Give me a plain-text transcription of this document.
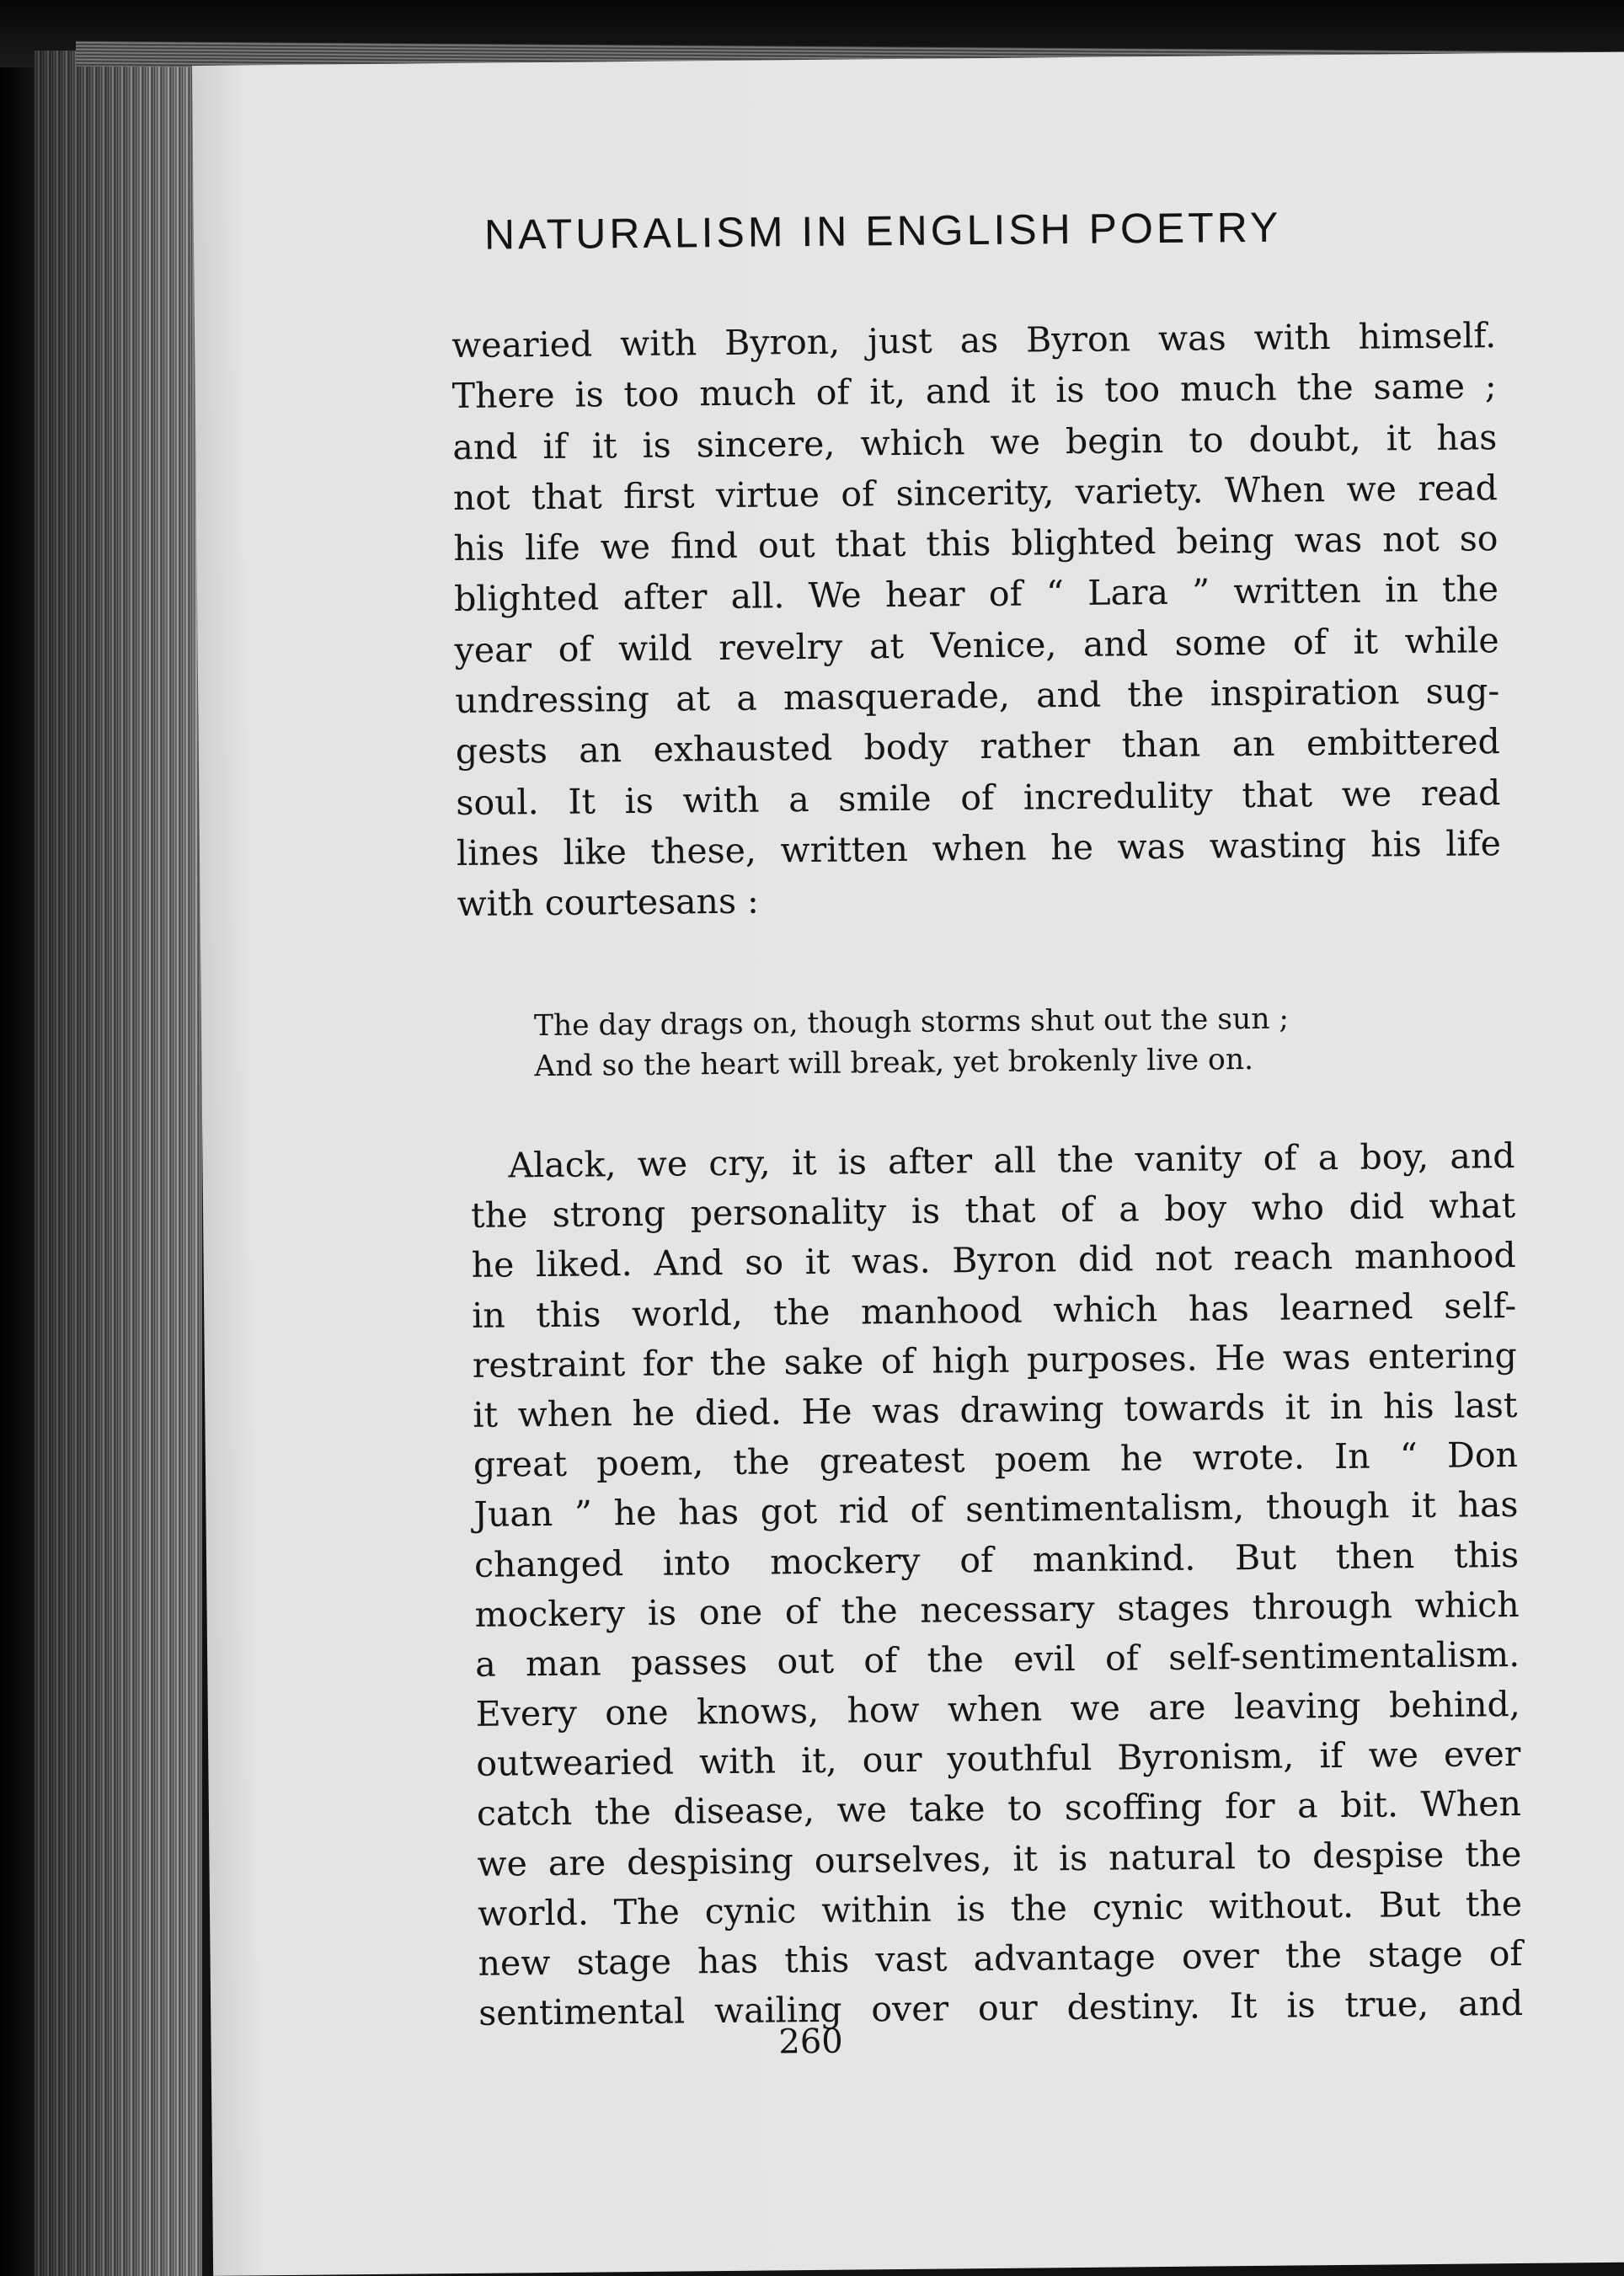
NATURALISM IN ENGLISH POETRY
wearied with Byron, just as Byron was with himself.
There is too much of it, and it is too much the same ;
and if it is sincere, which we begin to doubt, it has
not that first virtue of sincerity, variety. When we read
his life we find out that this blighted being was not so
blighted after all. We hear of “ Lara ” written in the
year of wild revelry at Venice, and some of it while
undressing at a masquerade, and the inspiration sug-
gests an exhausted body rather than an embittered
soul. It is with a smile of incredulity that we read
lines like these, written when he was wasting his life
with courtesans :
The day drags on, though storms shut out the sun ;
And so the heart will break, yet brokenly live on.
Alack, we cry, it is after all the vanity of a boy, and
the strong personality is that of a boy who did what
he liked. And so it was. Byron did not reach manhood
in this world, the manhood which has learned self-
restraint for the sake of high purposes. He was entering
it when he died. He was drawing towards it in his last
great poem, the greatest poem he wrote. In “ Don
Juan ” he has got rid of sentimentalism, though it has
changed into mockery of mankind. But then this
mockery is one of the necessary stages through which
a man passes out of the evil of self-sentimentalism.
Every one knows, how when we are leaving behind,
outwearied with it, our youthful Byronism, if we ever
catch the disease, we take to scoffing for a bit. When
we are despising ourselves, it is natural to despise the
world. The cynic within is the cynic without. But the
new stage has this vast advantage over the stage of
sentimental wailing over our destiny. It is true, and
260
